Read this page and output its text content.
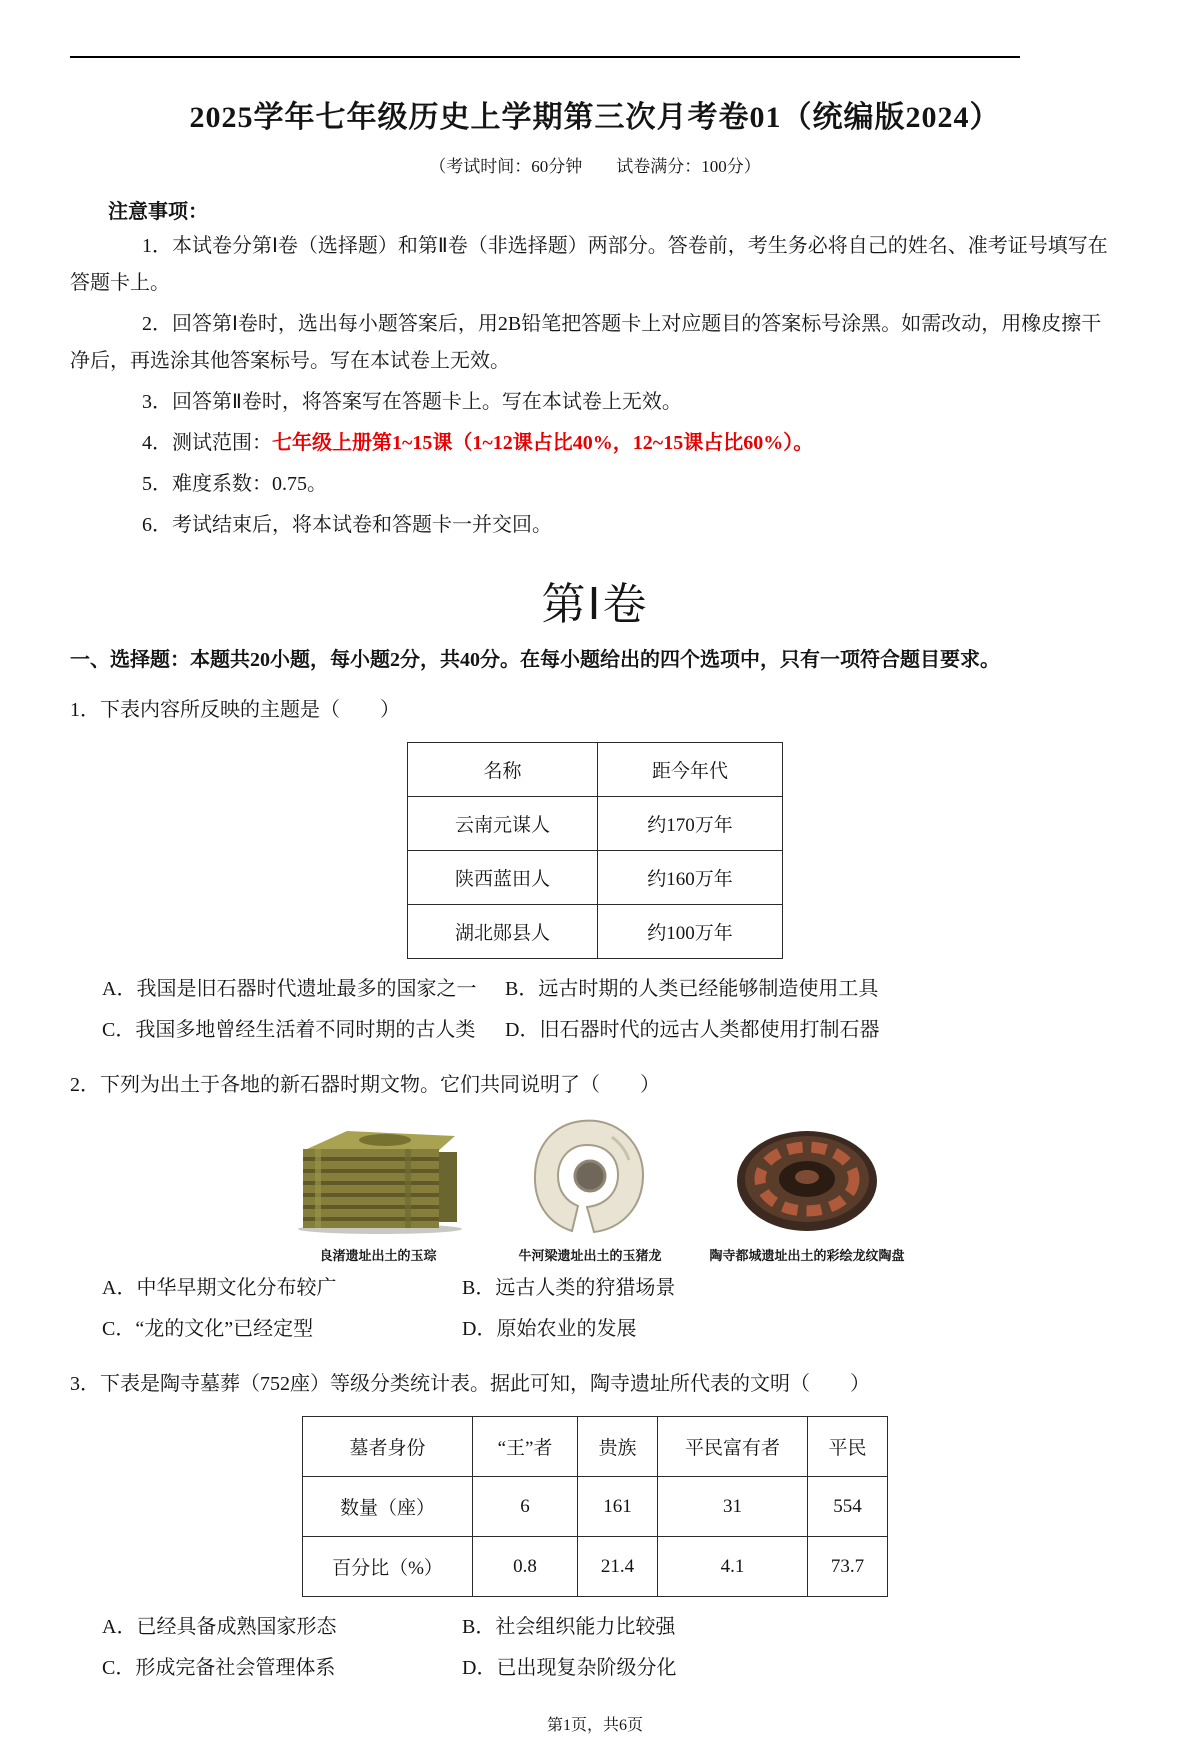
2025学年七年级历史上学期第三次月考卷01（统编版2024）
（考试时间：60分钟　　试卷满分：100分）
注意事项：

1．本试卷分第Ⅰ卷（选择题）和第Ⅱ卷（非选择题）两部分。答卷前，考生务必将自己的姓名、准考证号填写在答题卡上。

2．回答第Ⅰ卷时，选出每小题答案后，用2B铅笔把答题卡上对应题目的答案标号涂黑。如需改动，用橡皮擦干净后，再选涂其他答案标号。写在本试卷上无效。

3．回答第Ⅱ卷时，将答案写在答题卡上。写在本试卷上无效。

4．测试范围：七年级上册第1~15课（1~12课占比40%，12~15课占比60%）。

5．难度系数：0.75。

6．考试结束后，将本试卷和答题卡一并交回。

第Ⅰ卷
一、选择题：本题共20小题，每小题2分，共40分。在每小题给出的四个选项中，只有一项符合题目要求。
1．下表内容所反映的主题是（　　）
名称	距今年代
云南元谋人	约170万年
陕西蓝田人	约160万年
湖北郧县人	约100万年
A．我国是旧石器时代遗址最多的国家之一	B．远古时期的人类已经能够制造使用工具
C．我国多地曾经生活着不同时期的古人类	D．旧石器时代的远古人类都使用打制石器
2．下列为出土于各地的新石器时期文物。它们共同说明了（　　）
良渚遗址出土的玉琮	牛河梁遗址出土的玉猪龙	陶寺都城遗址出土的彩绘龙纹陶盘
A．中华早期文化分布较广	B．远古人类的狩猎场景
C．“龙的文化”已经定型	D．原始农业的发展
3．下表是陶寺墓葬（752座）等级分类统计表。据此可知，陶寺遗址所代表的文明（　　）
墓者身份	“王”者	贵族	平民富有者	平民
数量（座）	6	161	31	554
百分比（%）	0.8	21.4	4.1	73.7
A．已经具备成熟国家形态	B．社会组织能力比较强
C．形成完备社会管理体系	D．已出现复杂阶级分化
第1页，共6页
